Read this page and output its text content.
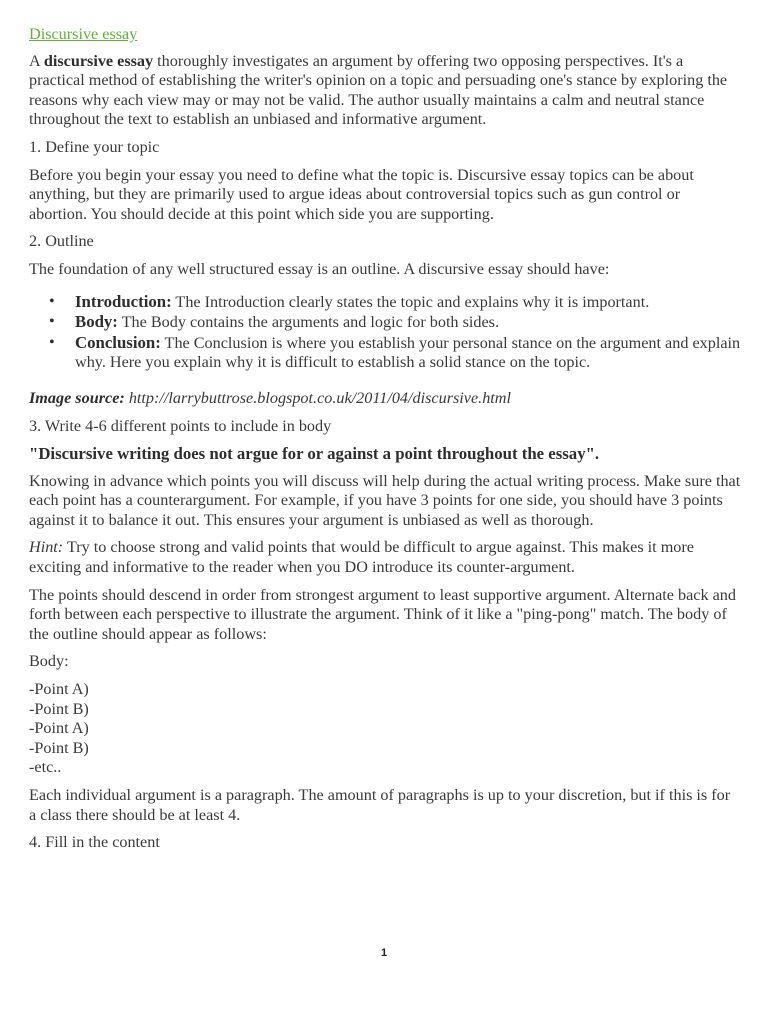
Discursive essay

A discursive essay thoroughly investigates an argument by offering two opposing perspectives. It's a practical method of establishing the writer's opinion on a topic and persuading one's stance by exploring the reasons why each view may or may not be valid. The author usually maintains a calm and neutral stance throughout the text to establish an unbiased and informative argument.

1. Define your topic

Before you begin your essay you need to define what the topic is. Discursive essay topics can be about anything, but they are primarily used to argue ideas about controversial topics such as gun control or abortion. You should decide at this point which side you are supporting.

2. Outline

The foundation of any well structured essay is an outline. A discursive essay should have:

• Introduction: The Introduction clearly states the topic and explains why it is important.
• Body: The Body contains the arguments and logic for both sides.
• Conclusion: The Conclusion is where you establish your personal stance on the argument and explain why. Here you explain why it is difficult to establish a solid stance on the topic.

Image source: http://larrybuttrose.blogspot.co.uk/2011/04/discursive.html

3. Write 4-6 different points to include in body

"Discursive writing does not argue for or against a point throughout the essay".

Knowing in advance which points you will discuss will help during the actual writing process. Make sure that each point has a counterargument. For example, if you have 3 points for one side, you should have 3 points against it to balance it out. This ensures your argument is unbiased as well as thorough.

Hint: Try to choose strong and valid points that would be difficult to argue against. This makes it more exciting and informative to the reader when you DO introduce its counter-argument.

The points should descend in order from strongest argument to least supportive argument. Alternate back and forth between each perspective to illustrate the argument. Think of it like a "ping-pong" match. The body of the outline should appear as follows:

Body:

-Point A)

-Point B)

-Point A)

-Point B)

-etc..

Each individual argument is a paragraph. The amount of paragraphs is up to your discretion, but if this is for a class there should be at least 4.

4. Fill in the content

1
